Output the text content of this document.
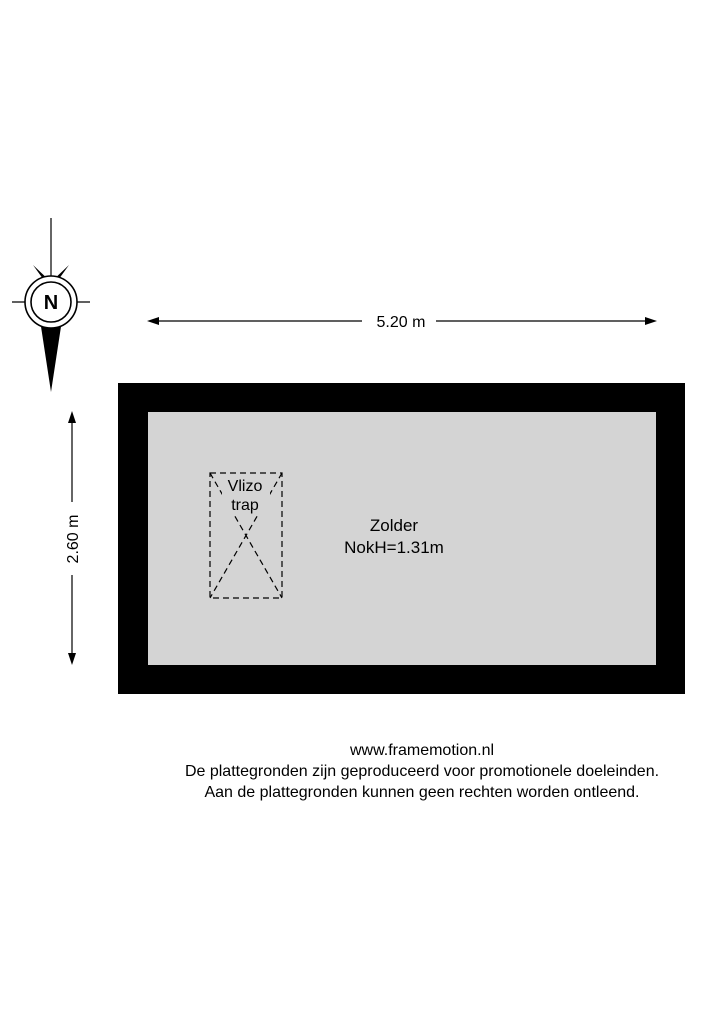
N
5.20 m
2.60 m
Vlizo
trap
Zolder
NokH=1.31m
www.framemotion.nl
De plattegronden zijn geproduceerd voor promotionele doeleinden.
Aan de plattegronden kunnen geen rechten worden ontleend.
